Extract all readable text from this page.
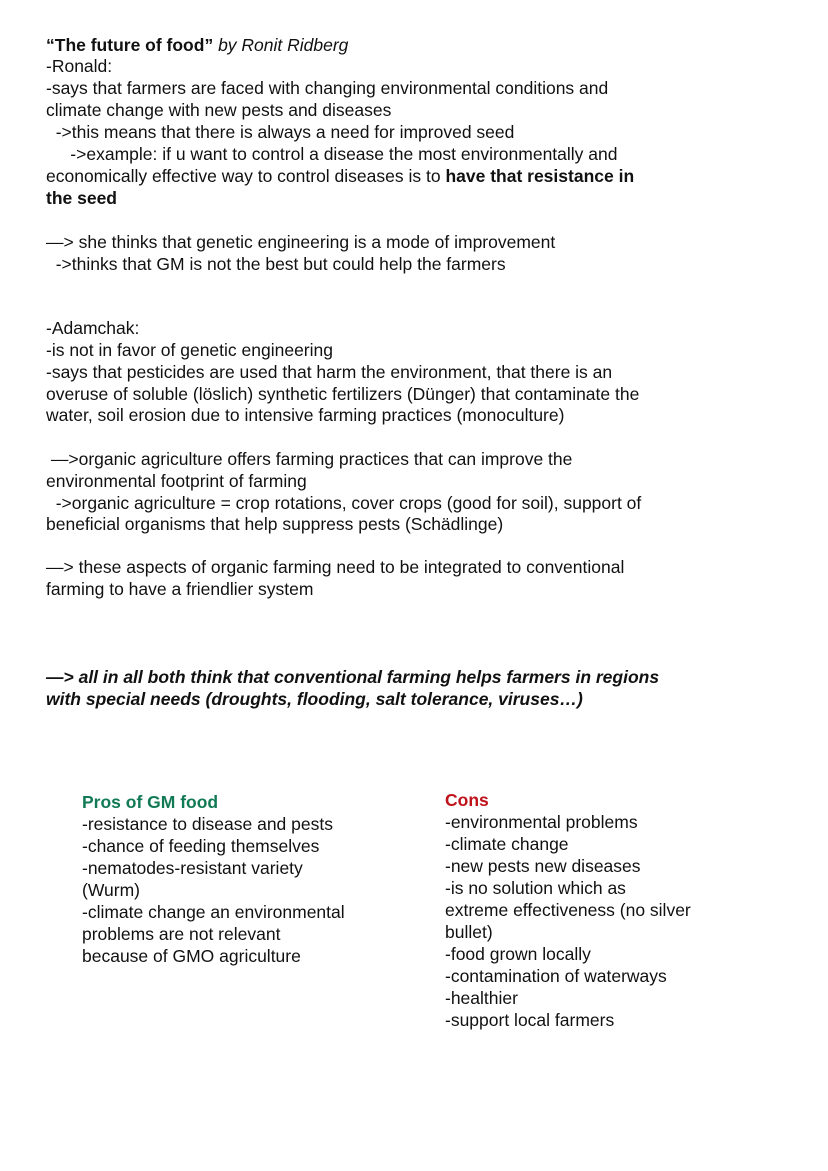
“The future of food” by Ronit Ridberg
-Ronald:
-says that farmers are faced with changing environmental conditions and
climate change with new pests and diseases
->this means that there is always a need for improved seed
->example: if u want to control a disease the most environmentally and
economically effective way to control diseases is to have that resistance in
the seed
—> she thinks that genetic engineering is a mode of improvement
->thinks that GM is not the best but could help the farmers
-Adamchak:
-is not in favor of genetic engineering
-says that pesticides are used that harm the environment, that there is an
overuse of soluble (löslich) synthetic fertilizers (Dünger) that contaminate the
water, soil erosion due to intensive farming practices (monoculture)
—>organic agriculture offers farming practices that can improve the
environmental footprint of farming
->organic agriculture = crop rotations, cover crops (good for soil), support of
beneficial organisms that help suppress pests (Schädlinge)
—> these aspects of organic farming need to be integrated to conventional
farming to have a friendlier system
—> all in all both think that conventional farming helps farmers in regions
with special needs (droughts, flooding, salt tolerance, viruses…)
Pros of GM food
-resistance to disease and pests
-chance of feeding themselves
-nematodes-resistant variety
(Wurm)
-climate change an environmental
problems are not relevant
because of GMO agriculture
Cons
-environmental problems
-climate change
-new pests new diseases
-is no solution which as
extreme effectiveness (no silver
bullet)
-food grown locally
-contamination of waterways
-healthier
-support local farmers
